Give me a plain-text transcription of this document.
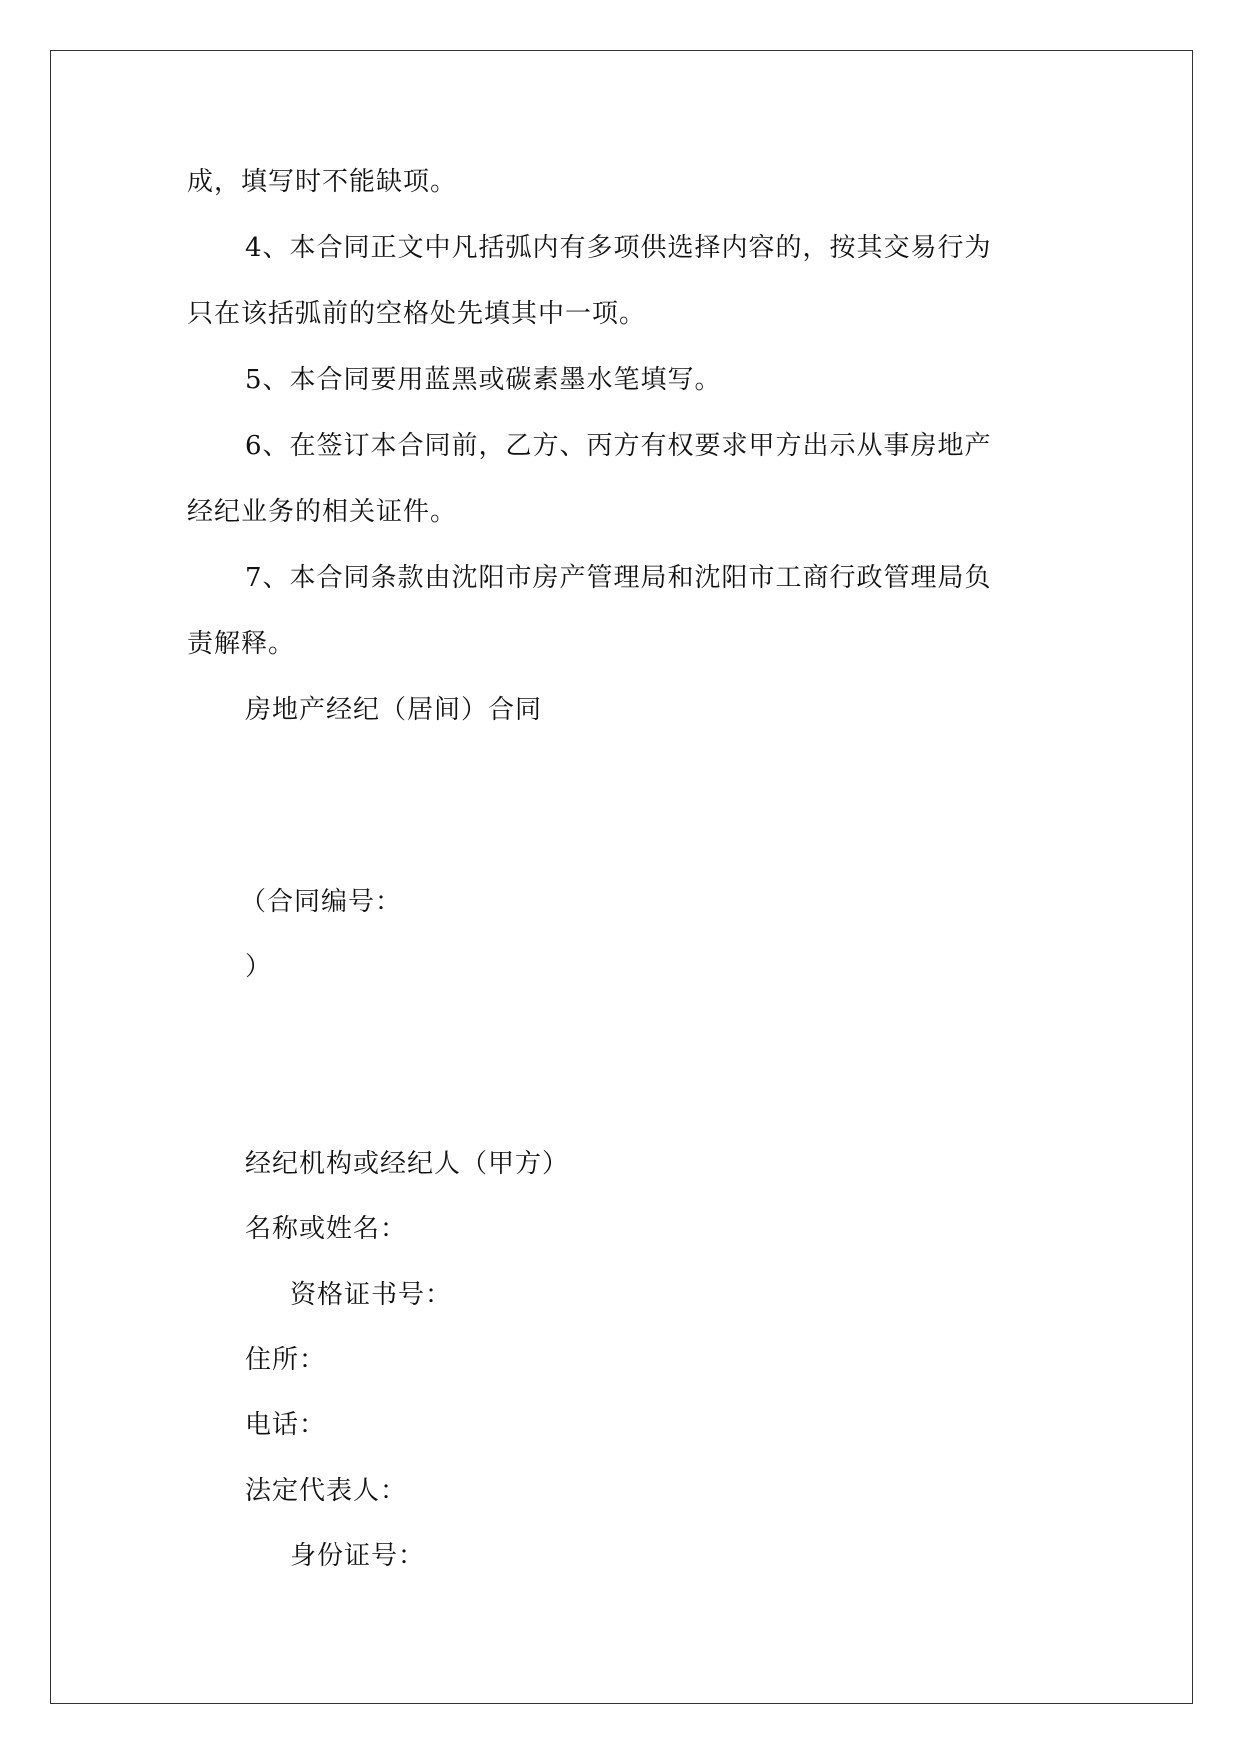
成，填写时不能缺项。
4、本合同正文中凡括弧内有多项供选择内容的，按其交易行为
只在该括弧前的空格处先填其中一项。
5、本合同要用蓝黑或碳素墨水笔填写。
6、在签订本合同前，乙方、丙方有权要求甲方出示从事房地产
经纪业务的相关证件。
7、本合同条款由沈阳市房产管理局和沈阳市工商行政管理局负
责解释。
房地产经纪（居间）合同
（合同编号：
）
经纪机构或经纪人（甲方）
名称或姓名：
资格证书号：
住所：
电话：
法定代表人：
身份证号：
